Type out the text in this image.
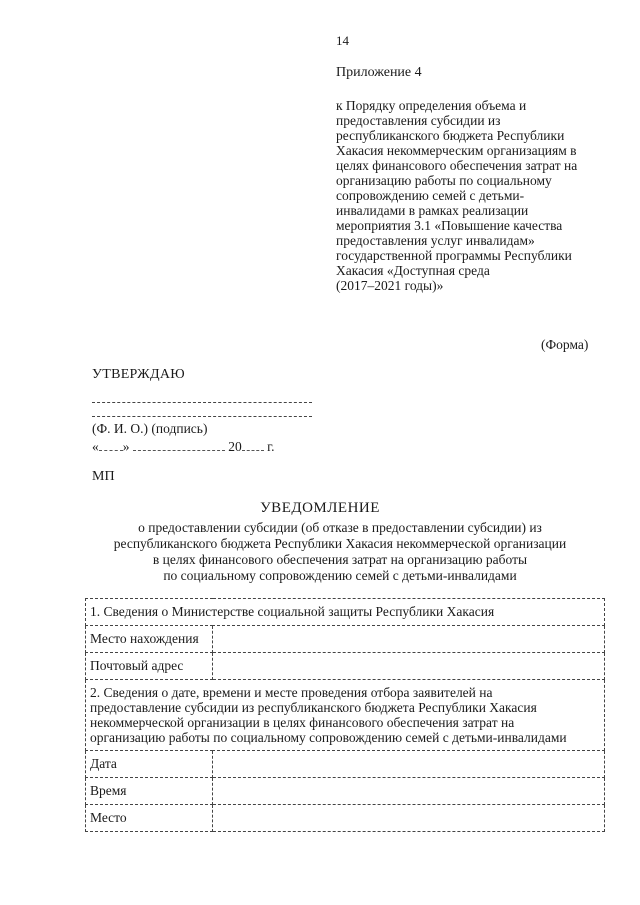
14
Приложение 4
к Порядку определения объема и
предоставления субсидии из
республиканского бюджета Республики
Хакасия некоммерческим организациям в
целях финансового обеспечения затрат на
организацию работы по социальному
сопровождению семей с детьми-
инвалидами в рамках реализации
мероприятия 3.1 «Повышение качества
предоставления услуг инвалидам»
государственной программы Республики
Хакасия «Доступная среда
(2017–2021 годы)»
(Форма)
УТВЕРЖДАЮ
(Ф. И. О.) (подпись)
« »	20 г.
МП
УВЕДОМЛЕНИЕ
о предоставлении субсидии (об отказе в предоставлении субсидии) из
республиканского бюджета Республики Хакасия некоммерческой организации
в целях финансового обеспечения затрат на организацию работы
по социальному сопровождению семей с детьми-инвалидами
1. Сведения о Министерстве социальной защиты Республики Хакасия	
Место нахождения	
Почтовый адрес	

2. Сведения о дате, времени и месте проведения отбора заявителей на
предоставление субсидии из республиканского бюджета Республики Хакасия
некоммерческой организации в целях финансового обеспечения затрат на
организацию работы по социальному сопровождению семей с детьми-инвалидами	

Дата	
Время	
Место	
